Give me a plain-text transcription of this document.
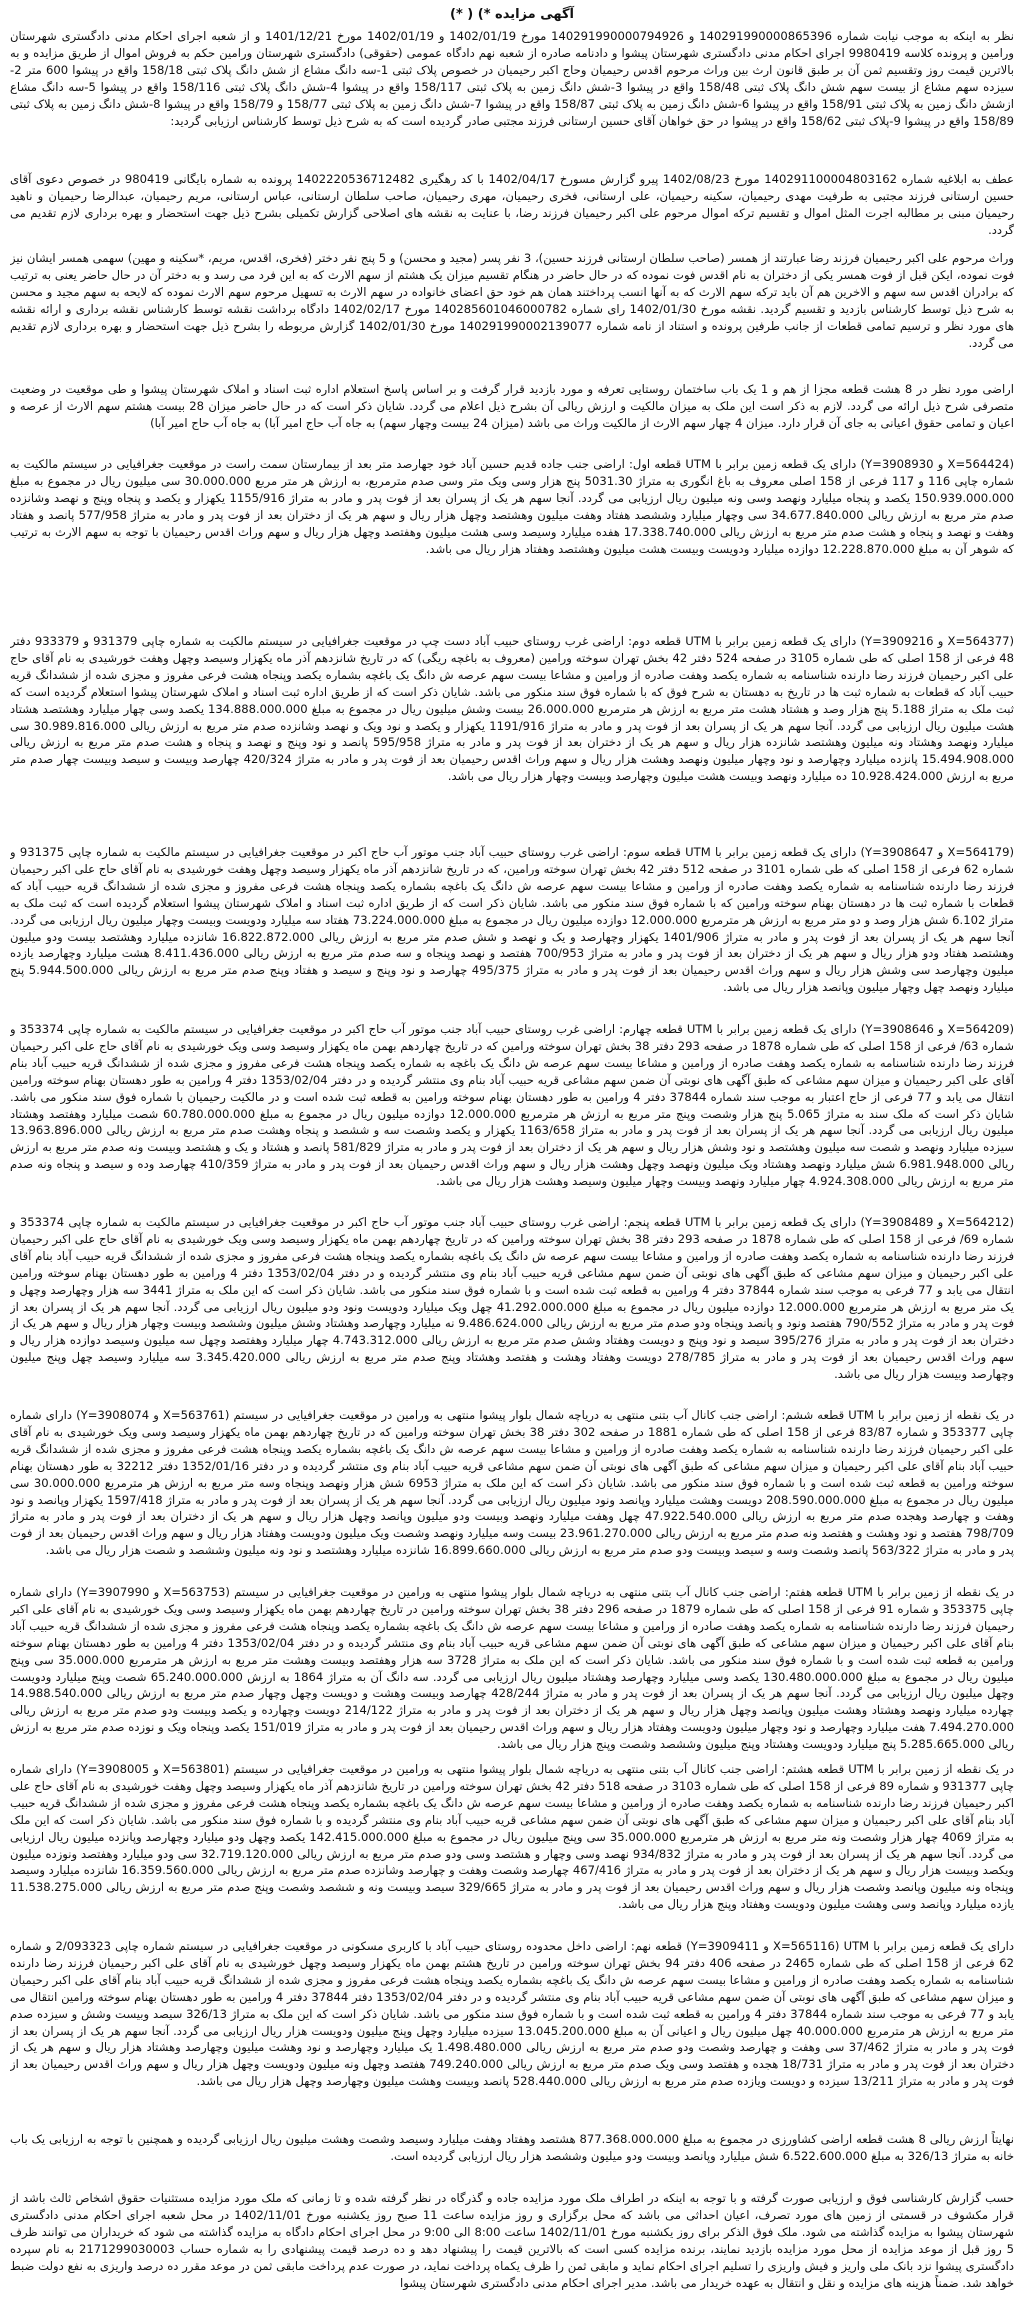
آگهی مزایده *) ( *)

نظر به اینکه به موجب نیابت شماره 140291990000865396 و 140291990000794926 مورخ 1402/01/19 و 1402/01/19 مورخ 1401/12/21 و از شعبه اجرای احکام مدنی دادگستری شهرستان ورامین و پرونده کلاسه 9980419 اجرای احکام مدنی دادگستری شهرستان پیشوا و دادنامه صادره از شعبه نهم دادگاه عمومی (حقوقی) دادگستری شهرستان ورامین حکم به فروش اموال از طریق مزایده و به بالاترین قیمت روز وتقسیم ثمن آن بر طبق قانون ارث بین وراث مرحوم اقدس رحیمیان وحاج اکبر رحیمیان در خصوص پلاک ثبتی 1-سه دانگ مشاع از شش دانگ پلاک ثبتی 158/18 واقع در پیشوا 600 متر 2-سیزده سهم مشاع از بیست سهم شش دانگ پلاک ثبتی 158/48 واقع در پیشوا 3-شش دانگ زمین به پلاک ثبتی 158/117 واقع در پیشوا 4-شش دانگ پلاک ثبتی 158/116 واقع در پیشوا 5-سه دانگ مشاع ازشش دانگ زمین به پلاک ثبتی 158/91 واقع در پیشوا 6-شش دانگ زمین به پلاک ثبتی 158/87 واقع در پیشوا 7-شش دانگ زمین به پلاک ثبتی 158/77 و 158/79 واقع در پیشوا 8-شش دانگ زمین به پلاک ثبتی 158/89 واقع در پیشوا 9-پلاک ثبتی 158/62 واقع در پیشوا در حق خواهان آقای حسین ارستانی فرزند مجتبی صادر گردیده است که به شرح ذیل توسط کارشناس ارزیابی گردید:

عطف به ابلاغیه شماره 140291100004803162 مورخ 1402/08/23 پیرو گزارش مسورخ 1402/04/17 با کد رهگیری 1402220536712482 پرونده به شماره بایگانی 980419 در خصوص دعوی آقای حسین ارستانی فرزند مجتبی به طرفیت مهدی رحیمیان، سکینه رحیمیان، علی ارستانی، فخری رحیمیان، مهری رحیمیان، صاحب سلطان ارستانی، عباس ارستانی، مریم رحیمیان، عبدالرضا رحیمیان و ناهید رحیمیان مبنی بر مطالبه اجرت المثل اموال و تقسیم ترکه اموال مرحوم علی اکبر رحیمیان فرزند رضا، با عنایت به نقشه های اصلاحی گزارش تکمیلی بشرح ذیل جهت استحضار و بهره برداری لازم تقدیم می گردد.

وراث مرحوم علی اکبر رحیمیان فرزند رضا عبارتند از همسر (صاحب سلطان ارستانی فرزند حسین)، 3 نفر پسر (مجید و محسن) و 5 پنج نفر دختر (فخری، اقدس، مریم، *سکینه و مهین) سهمی همسر ایشان نیز فوت نموده، ایکن قبل از فوت همسر یکی از دختران به نام اقدس فوت نموده که در حال حاضر در هنگام تقسیم میزان یک هشتم از سهم الارث که به این فرد می رسد و به دختر آن در حال حاضر یعنی به ترتیب که برادران اقدس سه سهم و الاخرین هم آن باید ترکه سهم الارث که به آنها انسب پرداختند همان هم خود حق اعضای خانواده در سهم الارث به تسهیل مرحوم سهم الارث نموده که لایحه به سهم مجید و محسن به شرح ذیل توسط کارشناس بازدید و تقسیم گردید. نقشه مورخ 1402/01/30 رای شماره 140285601046000782 مورخ 1402/02/17 دادگاه برداشت نقشه توسط کارشناس نقشه برداری و ارائه نقشه های مورد نظر و ترسیم تمامی قطعات از جانب طرفین پرونده و استناد از نامه شماره 140291990002139077 مورخ 1402/01/30 گزارش مربوطه را بشرح ذیل جهت استحضار و بهره برداری لازم تقدیم می گردد.

اراضی مورد نظر در 8 هشت قطعه مجزا از هم و 1 یک باب ساختمان روستایی تعرفه و مورد بازدید قرار گرفت و بر اساس پاسخ استعلام اداره ثبت اسناد و املاک شهرستان پیشوا و طی موقعیت در وضعیت متصرفی شرح ذیل ارائه می گردد. لازم به ذکر است این ملک به میزان مالکیت و ارزش ریالی آن بشرح ذیل اعلام می گردد. شایان ذکر است که در حال حاضر میزان 28 بیست هشتم سهم الارث از عرصه و اعیان و تمامی حقوق اعیانی به جای آن قرار دارد. میزان 4 چهار سهم الارث از مالکیت وراث می باشد (میزان 24 بیست وچهار سهم) به جاه آب حاج امیر آبا) به جاه آب حاج امیر آبا)

(X=564424 و Y=3908930) دارای یک قطعه زمین برابر با UTM قطعه اول: اراضی جنب جاده قدیم حسین آباد خود جهارصد متر بعد از بیمارستان سمت راست در موقعیت جغرافیایی در سیستم مالکیت به شماره چاپی 116 و 117 فرعی از 158 اصلی معروف به باغ انگوری به متراژ 5031.30 پنج هزار وسی ویک متر وسی صدم مترمربع، به ارزش هر متر مربع 30.000.000 سی میلیون ریال در مجموع به مبلغ 150.939.000.000 یکصد و پنجاه میلیارد ونهصد وسی ونه میلیون ریال ارزیابی می گردد. آنجا سهم هر یک از پسران بعد از فوت پدر و مادر به متراژ 1155/916 یکهزار و یکصد و پنجاه وپنج و نهصد وشانزده صدم متر مربع به ارزش ریالی 34.677.840.000 سی وچهار میلیارد وششصد هفتاد وهفت میلیون وهشتصد وچهل هزار ریال و سهم هر یک از دختران بعد از فوت پدر و مادر به متراژ 577/958 پانصد و هفتاد وهفت و نهصد و پنجاه و هشت صدم متر مربع به ارزش ریالی 17.338.740.000 هفده میلیارد وسیصد وسی هشت میلیون وهفتصد وچهل هزار ریال و سهم وراث اقدس رحیمیان با توجه به سهم الارث به ترتیب که شوهر آن به مبلغ 12.228.870.000 دوازده میلیارد ودویست وبیست هشت میلیون وهشتصد وهفتاد هزار ریال می باشد.

(X=564377 و Y=3909216) دارای یک قطعه زمین برابر با UTM قطعه دوم: اراضی غرب روستای حبیب آباد دست چپ در موقعیت جغرافیایی در سیستم مالکیت به شماره چاپی 931379 و 933379 دفتر 48 فرعی از 158 اصلی که طی شماره 3105 در صفحه 524 دفتر 42 بخش تهران سوخته ورامین (معروف به باغچه ریگی) که در تاریخ شانزدهم آذر ماه یکهزار وسیصد وچهل وهفت خورشیدی به نام آقای حاج علی اکبر رحیمیان فرزند رضا دارنده شناسنامه به شماره یکصد وهفت صادره از ورامین و مشاعا بیست سهم عرصه ش دانگ یک باغچه بشماره یکصد وپنجاه هشت فرعی مفروز و مجزی شده از ششدانگ قریه حبیب آباد که قطعات به شماره ثبت ها در تاریخ به دهستان به شرح فوق که با شماره فوق سند منکور می باشد. شایان ذکر است که از طریق اداره ثبت اسناد و املاک شهرستان پیشوا استعلام گردیده است که ثبت ملک به متراژ 5.188 پنج هزار وصد و هشتاد هشت متر مربع به ارزش هر مترمربع 26.000.000 بیست وشش میلیون ریال در مجموع به مبلغ 134.888.000.000 یکصد وسی چهار میلیارد وهشتصد هشتاد هشت میلیون ریال ارزیابی می گردد. آنجا سهم هر یک از پسران بعد از فوت پدر و مادر به متراژ 1191/916 یکهزار و یکصد و نود ویک و نهصد وشانزده صدم متر مربع به ارزش ریالی 30.989.816.000 سی میلیارد ونهصد وهشتاد ونه میلیون وهشتصد شانزده هزار ریال و سهم هر یک از دختران بعد از فوت پدر و مادر به متراژ 595/958 پانصد و نود وپنج و نهصد و پنجاه و هشت صدم متر مربع به ارزش ریالی 15.494.908.000 پانزده میلیارد وچهارصد و نود وچهار میلیون ونهصد وهشت هزار ریال و سهم وراث اقدس رحیمیان بعد از فوت پدر و مادر به متراژ 420/324 چهارصد وبیست و سیصد وبیست چهار صدم متر مربع به ارزش 10.928.424.000 ده میلیارد ونهصد وبیست هشت میلیون وچهارصد وبیست وچهار هزار ریال می باشد.

(X=564179 و Y=3908647) دارای یک قطعه زمین برابر با UTM قطعه سوم: اراضی غرب روستای حبیب آباد جنب موتور آب حاج اکبر در موقعیت جغرافیایی در سیستم مالکیت به شماره چاپی 931375 و شماره 62 فرعی از 158 اصلی که طی شماره 3101 در صفحه 512 دفتر 42 بخش تهران سوخته ورامین، که در تاریخ شانزدهم آذر ماه یکهزار وسیصد وچهل وهفت خورشیدی به نام آقای حاج علی اکبر رحیمیان فرزند رضا دارنده شناسنامه به شماره یکصد وهفت صادره از ورامین و مشاعا بیست سهم عرصه ش دانگ یک باغچه بشماره یکصد وپنجاه هشت فرعی مفروز و مجزی شده از ششدانگ قریه حبیب آباد که قطعات با شماره ثبت ها در دهستان بهنام سوخته ورامین که با شماره فوق سند منکور می باشد. شایان ذکر است که از طریق اداره ثبت اسناد و املاک شهرستان پیشوا استعلام گردیده است که ثبت ملک به متراژ 6.102 شش هزار وصد و دو متر مربع به ارزش هر مترمربع 12.000.000 دوازده میلیون ریال در مجموع به مبلغ 73.224.000.000 هفتاد سه میلیارد ودویست وبیست وچهار میلیون ریال ارزیابی می گردد. آنجا سهم هر یک از پسران بعد از فوت پدر و مادر به متراژ 1401/906 یکهزار وچهارصد و یک و نهصد و شش صدم متر مربع به ارزش ریالی 16.822.872.000 شانزده میلیارد وهشتصد بیست ودو میلیون وهشتصد هفتاد ودو هزار ریال و سهم هر یک از دختران بعد از فوت پدر و مادر به متراژ 700/953 هفتصد و نهصد وپنجاه و سه صدم متر مربع به ارزش ریالی 8.411.436.000 هشت میلیارد وچهارصد یازده میلیون وچهارصد سی وشش هزار ریال و سهم وراث اقدس رحیمیان بعد از فوت پدر و مادر به متراژ 495/375 چهارصد و نود وپنج و سیصد و هفتاد وپنج صدم متر مربع به ارزش ریالی 5.944.500.000 پنج میلیارد ونهصد چهل وچهار میلیون وپانصد هزار ریال می باشد.

(X=564209 و Y=3908646) دارای یک قطعه زمین برابر با UTM قطعه چهارم: اراضی غرب روستای حبیب آباد جنب موتور آب حاج اکبر در موقعیت جغرافیایی در سیستم مالکیت به شماره چاپی 353374 و شماره 63/ فرعی از 158 اصلی که طی شماره 1878 در صفحه 293 دفتر 38 بخش تهران سوخته ورامین که در تاریخ چهاردهم بهمن ماه یکهزار وسیصد وسی ویک خورشیدی به نام آقای حاج علی اکبر رحیمیان فرزند رضا دارنده شناسنامه به شماره یکصد وهفت صادره از ورامین و مشاعا بیست سهم عرصه ش دانگ یک باغچه به شماره یکصد وپنجاه هشت فرعی مفروز و مجزی شده از ششدانگ قریه حبیب آباد بنام آقای علی اکبر رحیمیان و میزان سهم مشاعی که طبق آگهی های نوبتی آن ضمن سهم مشاعی قریه حبیب آباد بنام وی منتشر گردیده و در دفتر 1353/02/04 دفتر 4 ورامین به طور دهستان بهنام سوخته ورامین انتقال می یابد و 77 فرعی از حاج اعتبار به موجب سند شماره 37844 دفتر 4 ورامین به طور دهستان بهنام سوخته ورامین به قطعه ثبت شده است و در مالکیت رحیمیان با شماره فوق سند منکور می باشد. شایان ذکر است که ملک سند به متراژ 5.065 پنج هزار وشصت وپنج متر مربع به ارزش هر مترمربع 12.000.000 دوازده میلیون ریال در مجموع به مبلغ 60.780.000.000 شصت میلیارد وهفتصد وهشتاد میلیون ریال ارزیابی می گردد. آنجا سهم هر یک از پسران بعد از فوت پدر و مادر به متراژ 1163/658 یکهزار و یکصد وشصت سه و ششصد و پنجاه وهشت صدم متر مربع به ارزش ریالی 13.963.896.000 سیزده میلیارد ونهصد و شصت سه میلیون وهشتصد و نود وشش هزار ریال و سهم هر یک از دختران بعد از فوت پدر و مادر به متراژ 581/829 پانصد و هشتاد و یک و هشتصد وبیست ونه صدم متر مربع به ارزش ریالی 6.981.948.000 شش میلیارد ونهصد وهشتاد ویک میلیون ونهصد وچهل وهشت هزار ریال و سهم وراث اقدس رحیمیان بعد از فوت پدر و مادر به متراژ 410/359 چهارصد وده و سیصد و پنجاه ونه صدم متر مربع به ارزش ریالی 4.924.308.000 چهار میلیارد ونهصد وبیست وچهار میلیون وسیصد وهشت هزار ریال می باشد.

(X=564212 و Y=3908489) دارای یک قطعه زمین برابر با UTM قطعه پنجم: اراضی غرب روستای حبیب آباد جنب موتور آب حاج اکبر در موقعیت جغرافیایی در سیستم مالکیت به شماره چاپی 353374 و شماره 69/ فرعی از 158 اصلی که طی شماره 1878 در صفحه 293 دفتر 38 بخش تهران سوخته ورامین که در تاریخ چهاردهم بهمن ماه یکهزار وسیصد وسی ویک خورشیدی به نام آقای حاج علی اکبر رحیمیان فرزند رضا دارنده شناسنامه به شماره یکصد وهفت صادره از ورامین و مشاعا بیست سهم عرصه ش دانگ یک باغچه بشماره یکصد وپنجاه هشت فرعی مفروز و مجزی شده از ششدانگ قریه حبیب آباد بنام آقای علی اکبر رحیمیان و میزان سهم مشاعی که طبق آگهی های نوبتی آن ضمن سهم مشاعی قریه حبیب آباد بنام وی منتشر گردیده و در دفتر 1353/02/04 دفتر 4 ورامین به طور دهستان بهنام سوخته ورامین انتقال می یابد و 77 فرعی به موجب سند شماره 37844 دفتر 4 ورامین به قطعه ثبت شده است و با شماره فوق سند منکور می باشد. شایان ذکر است که این ملک به متراژ 3441 سه هزار وچهارصد وچهل و یک متر مربع به ارزش هر مترمربع 12.000.000 دوازده میلیون ریال در مجموع به مبلغ 41.292.000.000 چهل ویک میلیارد ودویست ونود ودو میلیون ریال ارزیابی می گردد. آنجا سهم هر یک از پسران بعد از فوت پدر و مادر به متراژ 790/552 هفتصد ونود و پانصد وپنجاه ودو صدم متر مربع به ارزش ریالی 9.486.624.000 نه میلیارد وچهارصد وهشتاد وشش میلیون وششصد وبیست وچهار هزار ریال و سهم هر یک از دختران بعد از فوت پدر و مادر به متراژ 395/276 سیصد و نود وپنج و دویست وهفتاد وشش صدم متر مربع به ارزش ریالی 4.743.312.000 چهار میلیارد وهفتصد وچهل سه میلیون وسیصد دوازده هزار ریال و سهم وراث اقدس رحیمیان بعد از فوت پدر و مادر به متراژ 278/785 دویست وهفتاد وهشت و هفتصد وهشتاد وپنج صدم متر مربع به ارزش ریالی 3.345.420.000 سه میلیارد وسیصد چهل وپنج میلیون وچهارصد وبیست هزار ریال می باشد.

در یک نقطه از زمین برابر با UTM قطعه ششم: اراضی جنب کانال آب بتنی منتهی به دریاچه شمال بلوار پیشوا منتهی به ورامین در موقعیت جغرافیایی در سیستم (X=563761 و Y=3908074) دارای شماره چاپی 353377 و شماره 83/87 فرعی از 158 اصلی که طی شماره 1881 در صفحه 302 دفتر 38 بخش تهران سوخته ورامین که در تاریخ چهاردهم بهمن ماه یکهزار وسیصد وسی ویک خورشیدی به نام آقای علی اکبر رحیمیان فرزند رضا دارنده شناسنامه به شماره یکصد وهفت صادره از ورامین و مشاعا بیست سهم عرصه ش دانگ یک باغچه بشماره یکصد وپنجاه هشت فرعی مفروز و مجزی شده از ششدانگ قریه حبیب آباد بنام آقای علی اکبر رحیمیان و میزان سهم مشاعی که طبق آگهی های نوبتی آن ضمن سهم مشاعی قریه حبیب آباد بنام وی منتشر گردیده و در دفتر 1352/01/16 دفتر 32212 به طور دهستان بهنام سوخته ورامین به قطعه ثبت شده است و با شماره فوق سند منکور می باشد. شایان ذکر است که این ملک به متراژ 6953 شش هزار ونهصد وپنجاه وسه متر مربع به ارزش هر مترمربع 30.000.000 سی میلیون ریال در مجموع به مبلغ 208.590.000.000 دویست وهشت میلیارد وپانصد ونود میلیون ریال ارزیابی می گردد. آنجا سهم هر یک از پسران بعد از فوت پدر و مادر به متراژ 1597/418 یکهزار وپانصد و نود وهفت و چهارصد وهجده صدم متر مربع به ارزش ریالی 47.922.540.000 چهل وهفت میلیارد ونهصد وبیست ودو میلیون وپانصد وچهل هزار ریال و سهم هر یک از دختران بعد از فوت پدر و مادر به متراژ 798/709 هفتصد و نود وهشت و هفتصد ونه صدم متر مربع به ارزش ریالی 23.961.270.000 بیست وسه میلیارد ونهصد وشصت ویک میلیون ودویست وهفتاد هزار ریال و سهم وراث اقدس رحیمیان بعد از فوت پدر و مادر به متراژ 563/322 پانصد وشصت وسه و سیصد وبیست ودو صدم متر مربع به ارزش ریالی 16.899.660.000 شانزده میلیارد وهشتصد و نود ونه میلیون وششصد و شصت هزار ریال می باشد.

در یک نقطه از زمین برابر با UTM قطعه هفتم: اراضی جنب کانال آب بتنی منتهی به دریاچه شمال بلوار پیشوا منتهی به ورامین در موقعیت جغرافیایی در سیستم (X=563753 و Y=3907990) دارای شماره چاپی 353375 و شماره 91 فرعی از 158 اصلی که طی شماره 1879 در صفحه 296 دفتر 38 بخش تهران سوخته ورامین در تاریخ چهاردهم بهمن ماه یکهزار وسیصد وسی ویک خورشیدی به نام آقای علی اکبر رحیمیان فرزند رضا دارنده شناسنامه به شماره یکصد وهفت صادره از ورامین و مشاعا بیست سهم عرصه ش دانگ یک باغچه بشماره یکصد وپنجاه هشت فرعی مفروز و مجزی شده از ششدانگ قریه حبیب آباد بنام آقای علی اکبر رحیمیان و میزان سهم مشاعی که طبق آگهی های نوبتی آن ضمن سهم مشاعی قریه حبیب آباد بنام وی منتشر گردیده و در دفتر 1353/02/04 دفتر 4 ورامین به طور دهستان بهنام سوخته ورامین به قطعه ثبت شده است و با شماره فوق سند منکور می باشد. شایان ذکر است که این ملک به متراژ 3728 سه هزار وهفتصد وبیست وهشت متر مربع به ارزش هر مترمربع 35.000.000 سی وپنج میلیون ریال در مجموع به مبلغ 130.480.000.000 یکصد وسی میلیارد وچهارصد وهشتاد میلیون ریال ارزیابی می گردد. سه دانگ آن به متراژ 1864 به ارزش 65.240.000.000 شصت وپنج میلیارد ودویست وچهل میلیون ریال ارزیابی می گردد. آنجا سهم هر یک از پسران بعد از فوت پدر و مادر به متراژ 428/244 چهارصد وبیست وهشت و دویست وچهل وچهار صدم متر مربع به ارزش ریالی 14.988.540.000 چهارده میلیارد ونهصد وهشتاد وهشت میلیون وپانصد وچهل هزار ریال و سهم هر یک از دختران بعد از فوت پدر و مادر به متراژ 214/122 دویست وچهارده و یکصد وبیست ودو صدم متر مربع به ارزش ریالی 7.494.270.000 هفت میلیارد وچهارصد و نود وچهار میلیون ودویست وهفتاد هزار ریال و سهم وراث اقدس رحیمیان بعد از فوت پدر و مادر به متراژ 151/019 یکصد وپنجاه ویک و نوزده صدم متر مربع به ارزش ریالی 5.285.665.000 پنج میلیارد ودویست وهشتاد وپنج میلیون وششصد وشصت وپنج هزار ریال می باشد.

در یک نقطه از زمین برابر با UTM قطعه هشتم: اراضی جنب کانال آب بتنی منتهی به دریاچه شمال بلوار پیشوا منتهی به ورامین در موقعیت جغرافیایی در سیستم (X=563801 و Y=3908005) دارای شماره چاپی 931377 و شماره 89 فرعی از 158 اصلی که طی شماره 3103 در صفحه 518 دفتر 42 بخش تهران سوخته ورامین در تاریخ شانزدهم آذر ماه یکهزار وسیصد وچهل وهفت خورشیدی به نام آقای حاج علی اکبر رحیمیان فرزند رضا دارنده شناسنامه به شماره یکصد وهفت صادره از ورامین و مشاعا بیست سهم عرصه ش دانگ یک باغچه بشماره یکصد وپنجاه هشت فرعی مفروز و مجزی شده از ششدانگ قریه حبیب آباد بنام آقای علی اکبر رحیمیان و میزان سهم مشاعی که طبق آگهی های نوبتی آن ضمن سهم مشاعی قریه حبیب آباد بنام وی منتشر گردیده و با شماره فوق سند منکور می باشد. شایان ذکر است که این ملک به متراژ 4069 چهار هزار وشصت ونه متر مربع به ارزش هر مترمربع 35.000.000 سی وپنج میلیون ریال در مجموع به مبلغ 142.415.000.000 یکصد وچهل ودو میلیارد وچهارصد وپانزده میلیون ریال ارزیابی می گردد. آنجا سهم هر یک از پسران بعد از فوت پدر و مادر به متراژ 934/832 نهصد وسی وچهار و هشتصد وسی ودو صدم متر مربع به ارزش ریالی 32.719.120.000 سی ودو میلیارد وهفتصد ونوزده میلیون ویکصد وبیست هزار ریال و سهم هر یک از دختران بعد از فوت پدر و مادر به متراژ 467/416 چهارصد وشصت وهفت و چهارصد وشانزده صدم متر مربع به ارزش ریالی 16.359.560.000 شانزده میلیارد وسیصد وپنجاه ونه میلیون وپانصد وشصت هزار ریال و سهم وراث اقدس رحیمیان بعد از فوت پدر و مادر به متراژ 329/665 سیصد وبیست ونه و ششصد وشصت وپنج صدم متر مربع به ارزش ریالی 11.538.275.000 یازده میلیارد وپانصد وسی وهشت میلیون ودویست وهفتاد وپنج هزار ریال می باشد.

دارای یک قطعه زمین برابر با UTM (X=565116 و Y=3909411) قطعه نهم: اراضی داخل محدوده روستای حبیب آباد با کاربری مسکونی در موقعیت جغرافیایی در سیستم شماره چاپی 2/093323 و شماره 62 فرعی از 158 اصلی که طی شماره 2465 در صفحه 406 دفتر 94 بخش تهران سوخته ورامین در تاریخ هشتم بهمن ماه یکهزار وسیصد وچهل خورشیدی به نام آقای علی اکبر رحیمیان فرزند رضا دارنده شناسنامه به شماره یکصد وهفت صادره از ورامین و مشاعا بیست سهم عرصه ش دانگ یک باغچه بشماره یکصد وپنجاه هشت فرعی مفروز و مجزی شده از ششدانگ قریه حبیب آباد بنام آقای علی اکبر رحیمیان و میزان سهم مشاعی که طبق آگهی های نوبتی آن ضمن سهم مشاعی قریه حبیب آباد بنام وی منتشر گردیده و در دفتر 1353/02/04 دفتر 37844 دفتر 4 ورامین به طور دهستان بهنام سوخته ورامین انتقال می یابد و 77 فرعی به موجب سند شماره 37844 دفتر 4 ورامین به قطعه ثبت شده است و با شماره فوق سند منکور می باشد. شایان ذکر است که این ملک به متراژ 326/13 سیصد وبیست وشش و سیزده صدم متر مربع به ارزش هر مترمربع 40.000.000 چهل میلیون ریال و اعیانی آن به مبلغ 13.045.200.000 سیزده میلیارد وچهل وپنج میلیون ودویست هزار ریال ارزیابی می گردد. آنجا سهم هر یک از پسران بعد از فوت پدر و مادر به متراژ 37/462 سی وهفت و چهارصد وشصت ودو صدم متر مربع به ارزش ریالی 1.498.480.000 یک میلیارد وچهارصد و نود وهشت میلیون وچهارصد وهشتاد هزار ریال و سهم هر یک از دختران بعد از فوت پدر و مادر به متراژ 18/731 هجده و هفتصد وسی ویک صدم متر مربع به ارزش ریالی 749.240.000 هفتصد وچهل ونه میلیون ودویست وچهل هزار ریال و سهم وراث اقدس رحیمیان بعد از فوت پدر و مادر به متراژ 13/211 سیزده و دویست ویازده صدم متر مربع به ارزش ریالی 528.440.000 پانصد وبیست وهشت میلیون وچهارصد وچهل هزار ریال می باشد.

نهایتاً ارزش ریالی 8 هشت قطعه اراضی کشاورزی در مجموع به مبلغ 877.368.000.000 هشتصد وهفتاد وهفت میلیارد وسیصد وشصت وهشت میلیون ریال ارزیابی گردیده و همچنین با توجه به ارزیابی یک باب خانه به متراژ 326/13 به مبلغ 6.522.600.000 شش میلیارد وپانصد وبیست ودو میلیون وششصد هزار ریال ارزیابی گردیده است.

حسب گزارش کارشناسی فوق و ارزیابی صورت گرفته و با توجه به اینکه در اطراف ملک مورد مزایده جاده و گذرگاه در نظر گرفته شده و تا زمانی که ملک مورد مزایده مستثنیات حقوق اشخاص ثالث باشد از قرار مکشوف در قسمتی از زمین های مورد تصرف، اعیان احداثی می باشد که محل برگزاری و روز مزایده ساعت 11 صبح روز یکشنبه مورخ 1402/11/01 در محل شعبه اجرای احکام مدنی دادگستری شهرستان پیشوا به مزایده گذاشته می شود. ملک فوق الذکر برای روز یکشنبه مورخ 1402/11/01 ساعت 8:00 الی 9:00 در محل اجرای احکام دادگاه به مزایده گذاشته می شود که خریداران می توانند ظرف 5 روز قبل از موعد مزایده از محل مورد مزایده بازدید نمایند، برنده مزایده کسی است که بالاترین قیمت را پیشنهاد دهد و ده درصد قیمت پیشنهادی را به شماره حساب 2171299030003 به نام سپرده دادگستری پیشوا نزد بانک ملی واریز و فیش واریزی را تسلیم اجرای احکام نماید و مابقی ثمن را ظرف یکماه پرداخت نماید، در صورت عدم پرداخت مابقی ثمن در موعد مقرر ده درصد واریزی به نفع دولت ضبط خواهد شد. ضمناً هزینه های مزایده و نقل و انتقال به عهده خریدار می باشد. مدیر اجرای احکام مدنی دادگستری شهرستان پیشوا
